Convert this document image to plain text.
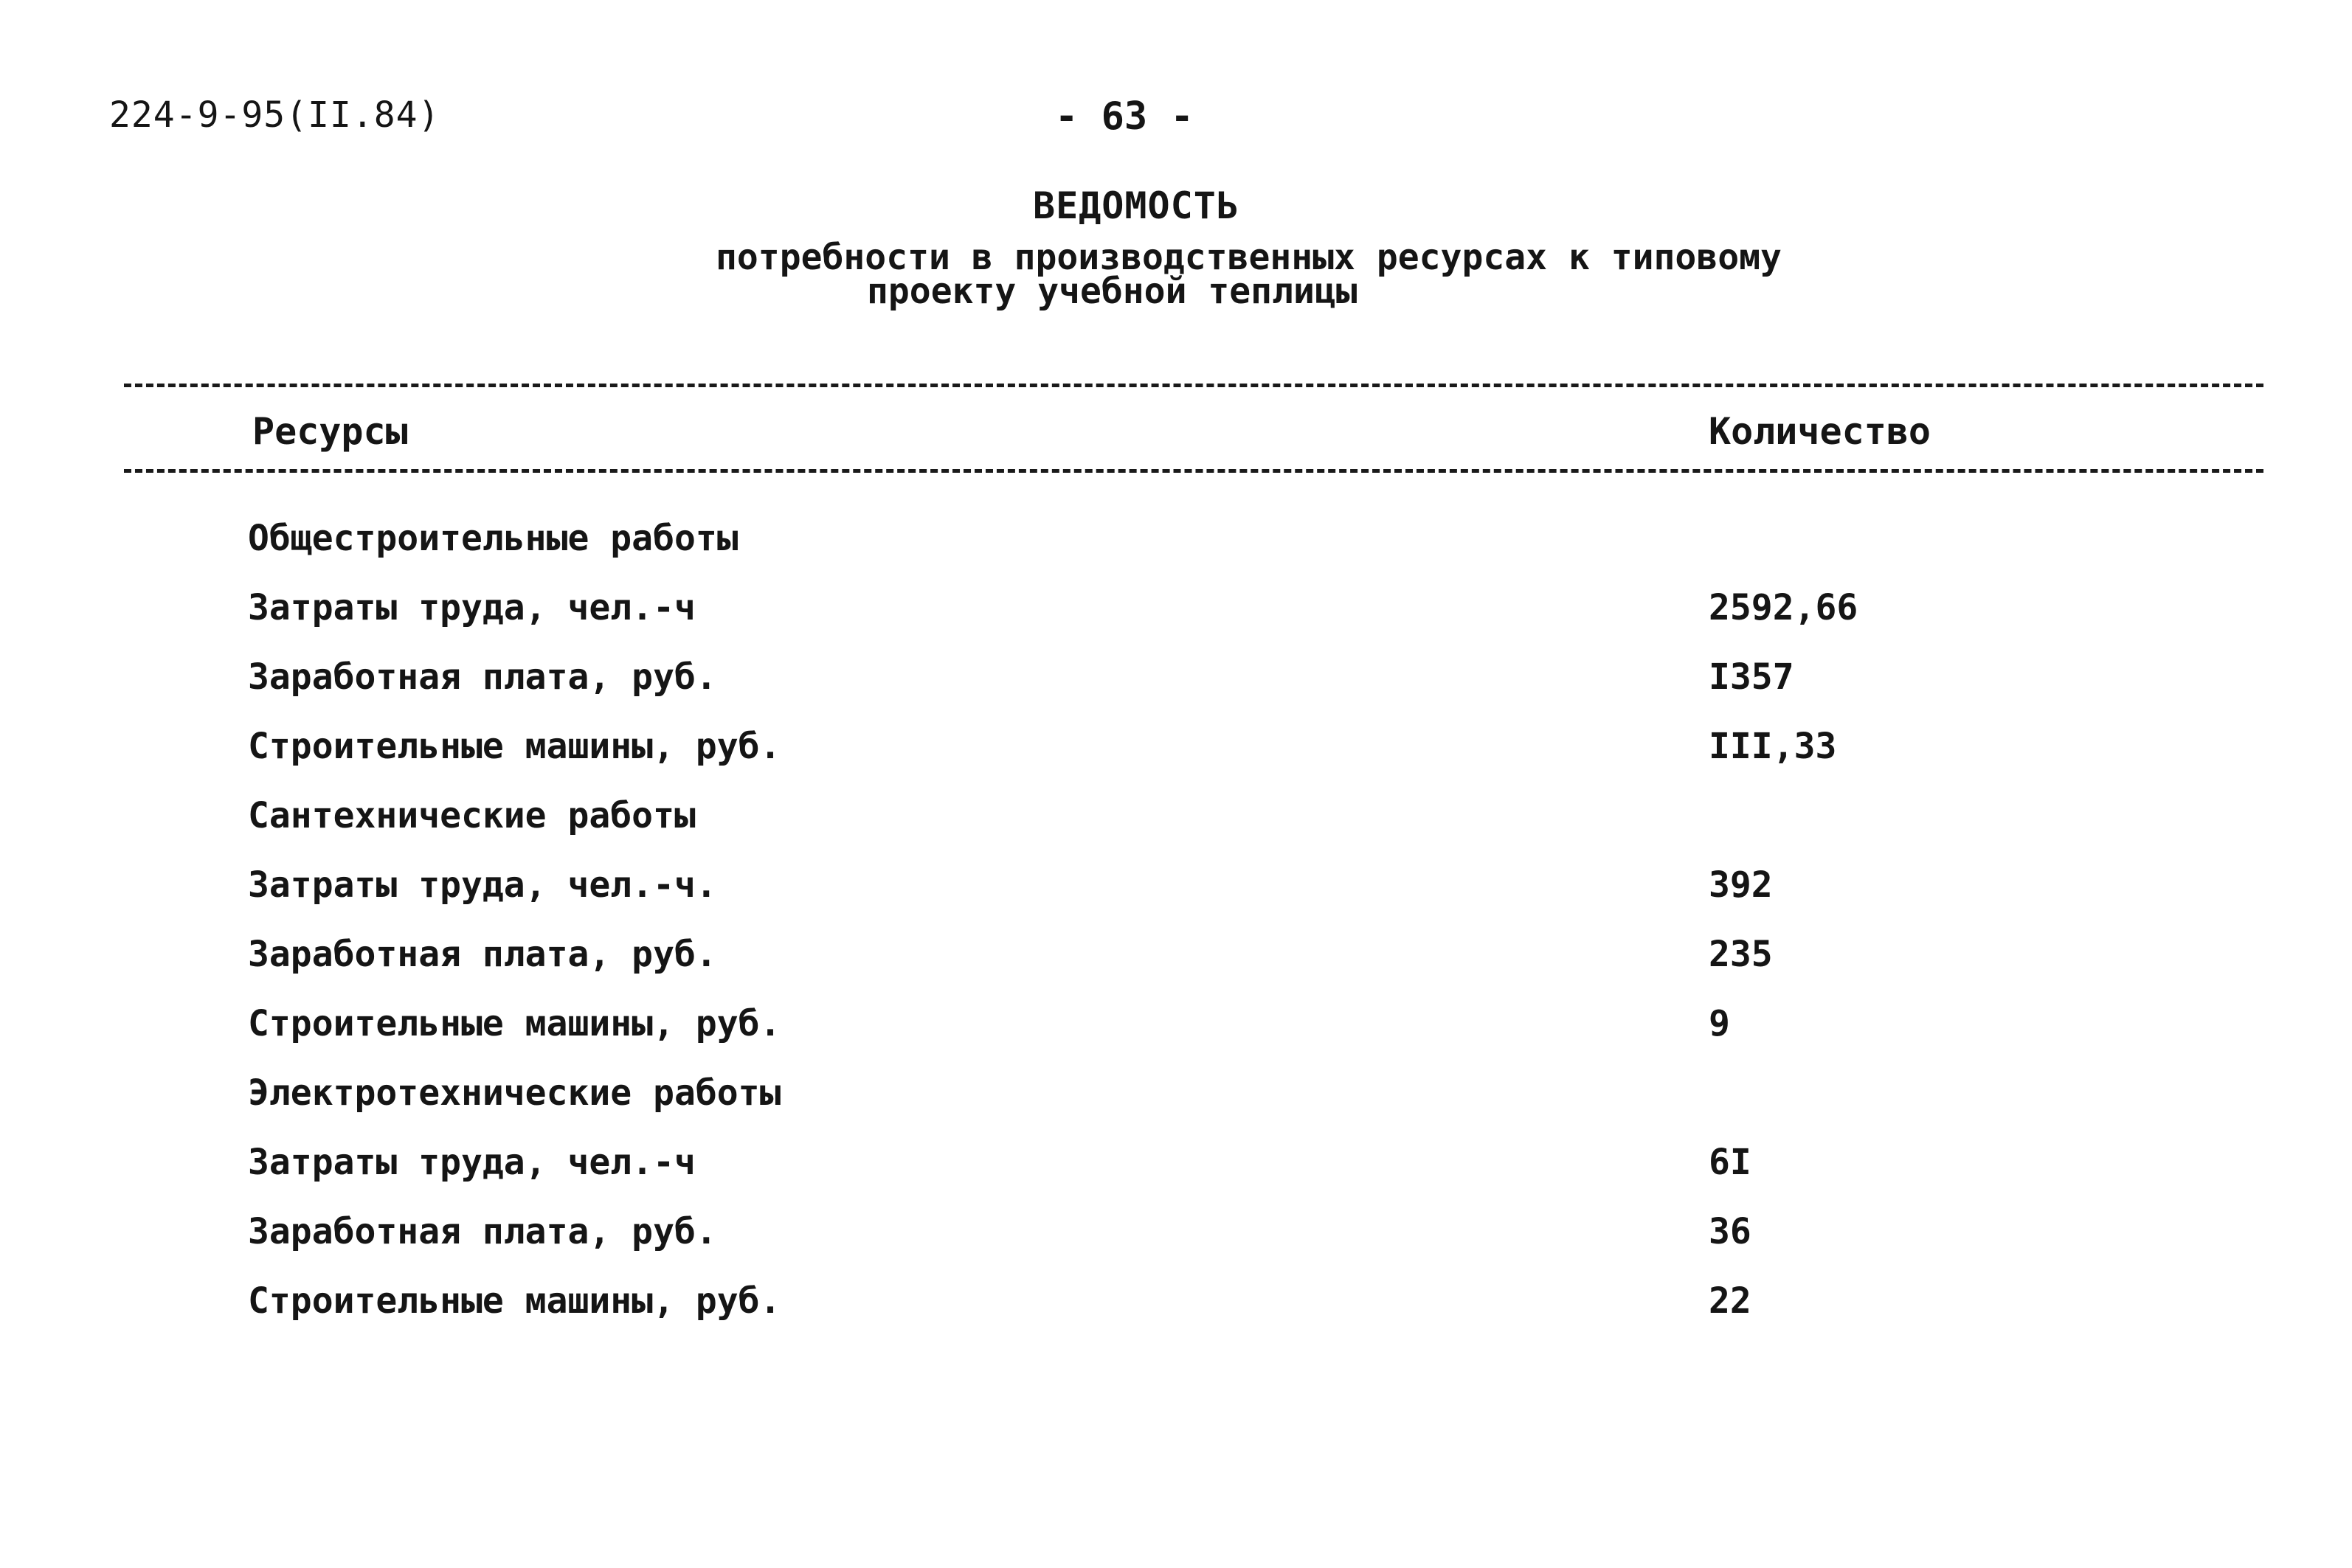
224-9-95(II.84)	- 63 -
ВЕДОМОСТЬ
потребности в производственных ресурсах к типовому
проекту учебной теплицы
Ресурсы	Количество
Общестроительные работы
Затраты труда, чел.-ч	2592,66
Заработная плата, руб.	I357
Строительные машины, руб.	III,33
Сантехнические работы
Затраты труда, чел.-ч.	392
Заработная плата, руб.	235
Строительные машины, руб.	9
Электротехнические работы
Затраты труда, чел.-ч	6I
Заработная плата, руб.	36
Строительные машины, руб.	22
